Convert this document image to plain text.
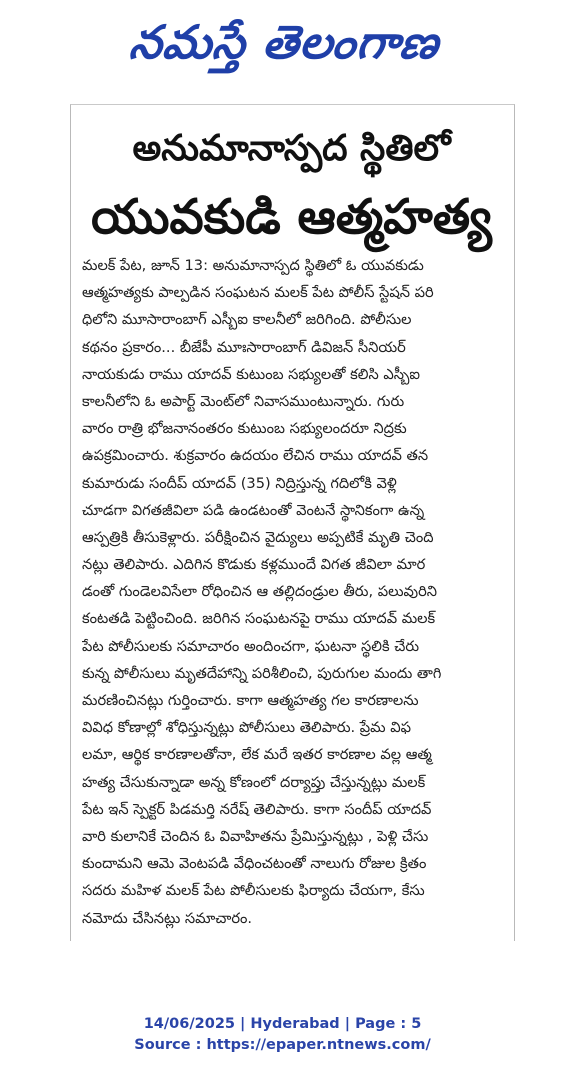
నమస్తే తెలంగాణ
అనుమానాస్పద స్థితిలో
యువకుడి ఆత్మహత్య
మలక్ పేట, జూన్ 13: అనుమానాస్పద స్థితిలో ఓ యువకుడు
ఆత్మహత్యకు పాల్పడిన సంఘటన మలక్ పేట పోలీస్ స్టేషన్ పరి
ధిలోని మూసారాంబాగ్ ఎస్బీఐ కాలనీలో జరిగింది. పోలీసుల
కథనం ప్రకారం... బీజేపీ మూఃసారాంబాగ్ డివిజన్ సీనియర్
నాయకుడు రాము యాదవ్ కుటుంబ సభ్యులతో కలిసి ఎస్బీఐ
కాలనీలోని ఓ అపార్ట్ మెంట్‌లో నివాసముంటున్నారు. గురు
వారం రాత్రి భోజనానంతరం కుటుంబ సభ్యులందరూ నిద్రకు
ఉపక్రమించారు. శుక్రవారం ఉదయం లేచిన రాము యాదవ్ తన
కుమారుడు సందీప్ యాదవ్ (35) నిద్రిస్తున్న గదిలోకి వెళ్లి
చూడగా విగతజీవిలా పడి ఉండటంతో వెంటనే స్థానికంగా ఉన్న
ఆస్పత్రికి తీసుకెళ్లారు. పరీక్షించిన వైద్యులు అప్పటికే మృతి చెంది
నట్లు తెలిపారు. ఎదిగిన కొడుకు కళ్లముందే విగత జీవిలా మార
డంతో గుండెలవిసేలా రోధించిన ఆ తల్లిదండ్రుల తీరు, పలువురిని
కంటతడి పెట్టించింది. జరిగిన సంఘటనపై రాము యాదవ్ మలక్
పేట పోలీసులకు సమాచారం అందించగా, ఘటనా స్థలికి చేరు
కున్న పోలీసులు మృతదేహాన్ని పరిశీలించి, పురుగుల మందు తాగి
మరణించినట్లు గుర్తించారు. కాగా ఆత్మహత్య గల కారణాలను
వివిధ కోణాల్లో శోధిస్తున్నట్లు పోలీసులు తెలిపారు. ప్రేమ విఫ
లమా, ఆర్థిక కారణాలతోనా, లేక మరే ఇతర కారణాల వల్ల ఆత్మ
హత్య చేసుకున్నాడా అన్న కోణంలో దర్యాప్తు చేస్తున్నట్లు మలక్
పేట ఇన్ స్పెక్టర్ పిడమర్తి నరేష్ తెలిపారు. కాగా సందీప్ యాదవ్
వారి కులానికే చెందిన ఓ వివాహితను ప్రేమిస్తున్నట్లు , పెళ్లి చేసు
కుందామని ఆమె వెంటపడి వేధించటంతో నాలుగు రోజుల క్రితం
సదరు మహిళ మలక్ పేట పోలీసులకు ఫిర్యాదు చేయగా, కేసు
నమోదు చేసినట్లు సమాచారం.
14/06/2025 | Hyderabad | Page : 5
Source : https://epaper.ntnews.com/
